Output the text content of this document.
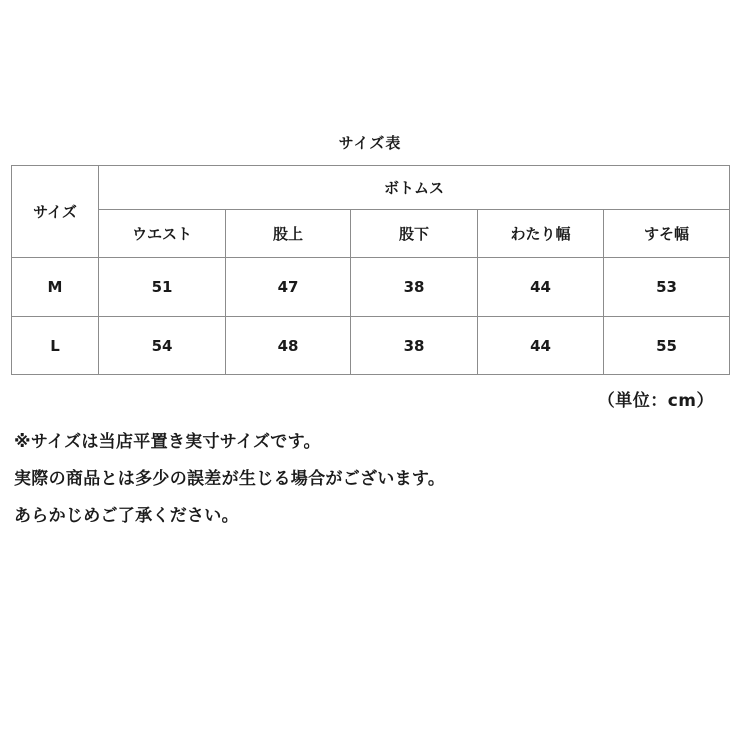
サイズ表
サイズ	ボトムス				
	ウエスト	股上	股下	わたり幅	すそ幅
M	51	47	38	44	53
L	54	48	38	44	55
（単位：cm）
※サイズは当店平置き実寸サイズです。
実際の商品とは多少の誤差が生じる場合がございます。
あらかじめご了承ください。
